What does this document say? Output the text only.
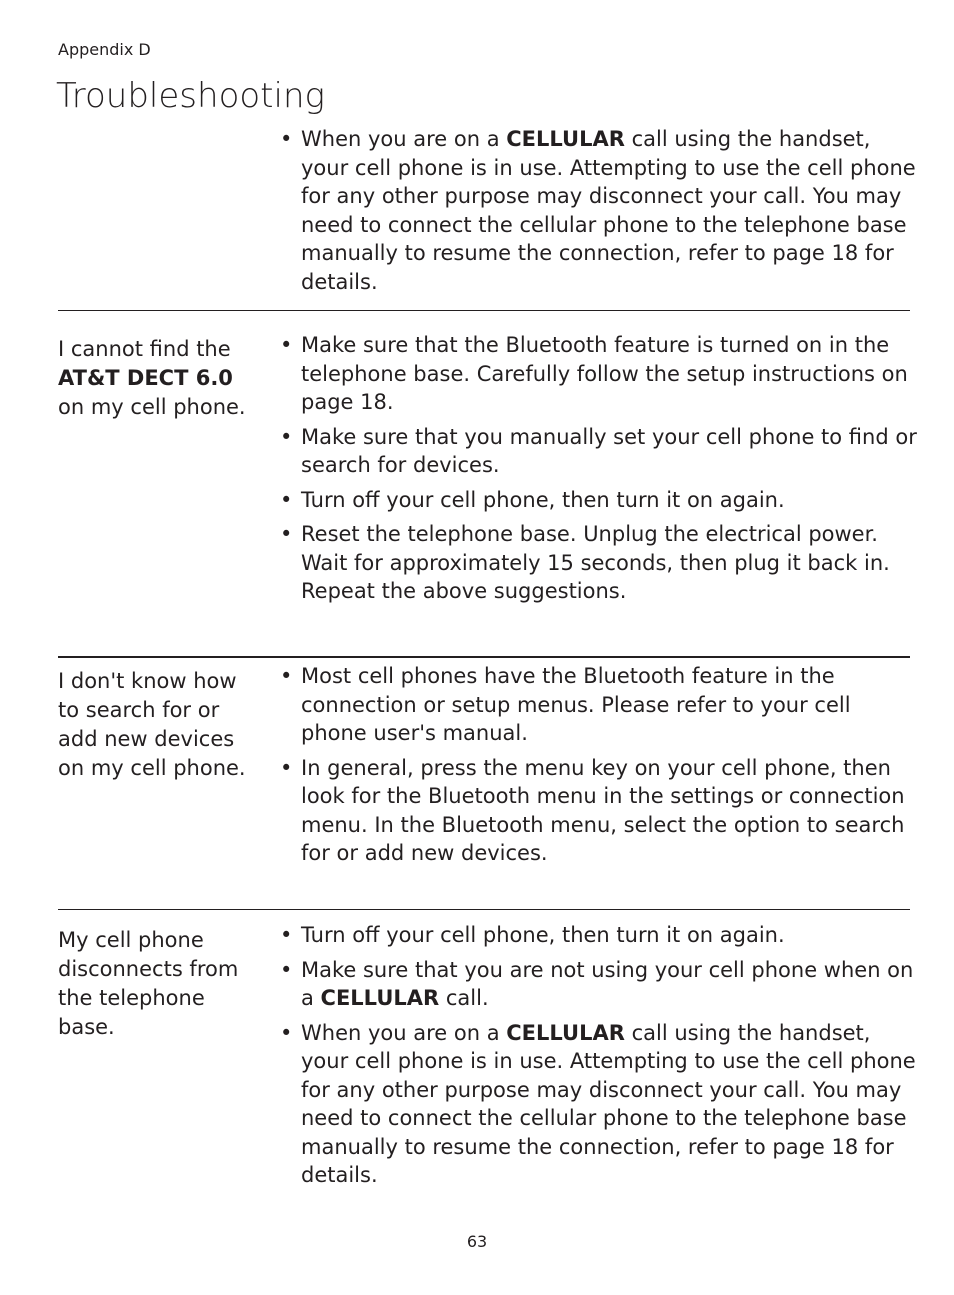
Appendix D
Troubleshooting
• When you are on a CELLULAR call using the handset, your cell phone is in use. Attempting to use the cell phone for any other purpose may disconnect your call. You may need to connect the cellular phone to the telephone base manually to resume the connection, refer to page 18 for details.
I cannot find the AT&T DECT 6.0 on my cell phone.
• Make sure that the Bluetooth feature is turned on in the telephone base. Carefully follow the setup instructions on page 18.
• Make sure that you manually set your cell phone to find or search for devices.
• Turn off your cell phone, then turn it on again.
• Reset the telephone base. Unplug the electrical power. Wait for approximately 15 seconds, then plug it back in. Repeat the above suggestions.
I don't know how to search for or add new devices on my cell phone.
• Most cell phones have the Bluetooth feature in the connection or setup menus. Please refer to your cell phone user's manual.
• In general, press the menu key on your cell phone, then look for the Bluetooth menu in the settings or connection menu. In the Bluetooth menu, select the option to search for or add new devices.
My cell phone disconnects from the telephone base.
• Turn off your cell phone, then turn it on again.
• Make sure that you are not using your cell phone when on a CELLULAR call.
• When you are on a CELLULAR call using the handset, your cell phone is in use. Attempting to use the cell phone for any other purpose may disconnect your call. You may need to connect the cellular phone to the telephone base manually to resume the connection, refer to page 18 for details.
63
